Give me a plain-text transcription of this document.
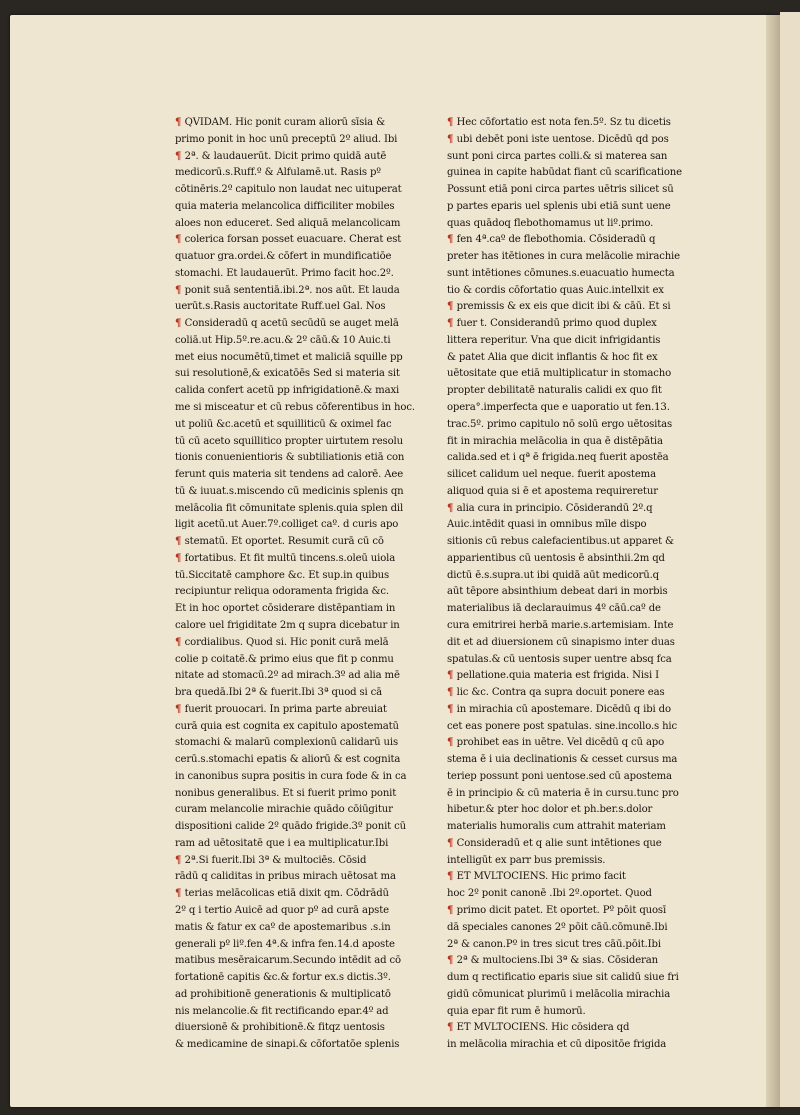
¶ QVIDAM. Hic ponit curam aliorū sīsia &
primo ponit in hoc unū preceptū 2º aliud. Ibi
¶ 2ª. & laudauerūt. Dicit primo quidā autē
medicorū.s.Ruff.º & Alfulamē.ut. Rasis pº
cōtinēris.2º capitulo non laudat nec uituperat
quia materia melancolica difficiliter mobiles
aloes non educeret. Sed aliquā melancolicam
¶ colerica forsan posset euacuare. Cherat est
quatuor gra.ordei.& cōfert in mundificatiōe
stomachi. Et laudauerūt. Primo facit hoc.2º.
¶ ponit suā sententiā.ibi.2ª. nos aūt. Et lauda
uerūt.s.Rasis auctoritate Ruff.uel Gal. Nos
¶ Consideradū q acetū secūdū se auget melā
coliā.ut Hip.5º.re.acu.& 2º cāū.& 10 Auic.ti
met eius nocumētū,timet et maliciā squille pp
sui resolutionē,& exicatōēs Sed si materia sit
calida confert acetū pp infrigidationē.& maxi
me si misceatur et cū rebus cōferentibus in hoc.
ut poliū &c.acetū et squilliticū & oximel fac
tū cū aceto squillitico propter uirtutem resolu
tionis conuenientioris & subtiliationis etiā con
ferunt quis materia sit tendens ad calorē. Aee
tū & iuuat.s.miscendo cū medicinis splenis qn
melācolia fit cōmunitate splenis.quia splen dil
ligit acetū.ut Auer.7º.colliget caº. d curis apo
¶ stematū. Et oportet. Resumit curā cū cō
¶ fortatibus. Et fit multū tincens.s.oleū uiola
tū.Siccitatē camphore &c. Et sup.in quibus
recipiuntur reliqua odoramenta frigida &c.
Et in hoc oportet cōsiderare distēpantiam in
calore uel frigiditate 2m q supra dicebatur in
¶ cordialibus. Quod si. Hic ponit curā melā
colie p coitatē.& primo eius que fit p conmu
nitate ad stomacū.2º ad mirach.3º ad alia mē
bra quedā.Ibi 2ª & fuerit.Ibi 3ª quod si cā
¶ fuerit prouocari. In prima parte abreuiat
curā quia est cognita ex capitulo apostematū
stomachi & malarū complexionū calidarū uis
cerū.s.stomachi epatis & aliorū & est cognita
in canonibus supra positis in cura fode & in ca
nonibus generalibus. Et si fuerit primo ponit
curam melancolie mirachie quādo cōiūgitur
dispositioni calide 2º quādo frigide.3º ponit cū
ram ad uētositatē que i ea multiplicatur.Ibi
¶ 2ª.Si fuerit.Ibi 3ª & multociēs. Cōsid
rādū q caliditas in pribus mirach uētosat ma
¶ terias melācolicas etiā dixit qm. Cōdrādū
2º q i tertio Auicē ad quor pº ad curā apste
matis & fatur ex caº de apostemaribus .s.in
generali pº liº.fen 4ª.& infra fen.14.d aposte
matibus mesēraicarum.Secundo intēdit ad cō
fortationē capitis &c.& fortur ex.s dictis.3º.
ad prohibitionē generationis & multiplicatō
nis melancolie.& fit rectificando epar.4º ad
diuersionē & prohibitionē.& fitqz uentosis
& medicamine de sinapi.& cōfortatōe splenis
¶ Hec cōfortatio est nota fen.5º. Sz tu dicetis
¶ ubi debēt poni iste uentose. Dicēdū qd pos
sunt poni circa partes colli.& si materea san
guinea in capite habūdat fiant cū scarificatione
Possunt etiā poni circa partes uētris silicet sū
p partes eparis uel splenis ubi etiā sunt uene
quas quādoq flebothomamus ut liº.primo.
¶ fen 4ª.caº de flebothomia. Cōsideradū q
preter has itētiones in cura melācolie mirachie
sunt intētiones cōmunes.s.euacuatio humecta
tio & cordis cōfortatio quas Auic.intellxit ex
¶ premissis & ex eis que dicit ibi & cāū. Et si
¶ fuer t. Considerandū primo quod duplex
littera reperitur. Vna que dicit infrigidantis
& patet Alia que dicit inflantis & hoc fit ex
uētositate que etiā multiplicatur in stomacho
propter debilitatē naturalis calidi ex quo fit
opera°.imperfecta que e uaporatio ut fen.13.
trac.5º. primo capitulo nō solū ergo uētositas
fit in mirachia melācolia in qua ē distēpātia
calida.sed et i qª ē frigida.neq fuerit apostēa
silicet calidum uel neque. fuerit apostema
aliquod quia si ē et apostema requireretur
¶ alia cura in principio. Cōsiderandū 2º.q
Auic.intēdit quasi in omnibus mīle dispo
sitionis cū rebus calefacientibus.ut apparet &
apparientibus cū uentosis ē absinthii.2m qd
dictū ē.s.supra.ut ibi quidā aūt medicorū.q
aūt tēpore absinthium debeat dari in morbis
materialibus iā declarauimus 4º cāū.caº de
cura emitrirei herbā marie.s.artemisiam. Inte
dit et ad diuersionem cū sinapismo inter duas
spatulas.& cū uentosis super uentre absq fca
¶ pellatione.quia materia est frigida. Nisi I
¶ lic &c. Contra qa supra docuit ponere eas
¶ in mirachia cū apostemare. Dicēdū q ibi do
cet eas ponere post spatulas. sine.incollo.s hic
¶ prohibet eas in uētre. Vel dicēdū q cū apo
stema ē i uia declinationis & cesset cursus ma
teriep possunt poni uentose.sed cū apostema
ē in principio & cū materia ē in cursu.tunc pro
hibetur.& pter hoc dolor et ph.ber.s.dolor
materialis humoralis cum attrahit materiam
¶ Consideradū et q alie sunt intētiones que
intelligūt ex parr bus premissis.
¶ ET MVLTOCIENS. Hic primo facit
hoc 2º ponit canonē .Ibi 2º.oportet. Quod
¶ primo dicit patet. Et oportet. Pº pōit quosī
dā speciales canones 2º pōit cāū.cōmunē.Ibi
2ª & canon.Pº in tres sicut tres cāū.pōit.Ibi
¶ 2ª & multociens.Ibi 3ª & sias. Cōsideran
dum q rectificatio eparis siue sit calidū siue fri
gidū cōmunicat plurimū i melācolia mirachia
quia epar fit rum ē humorū.
¶ ET MVLTOCIENS. Hic cōsidera qd
in melācolia mirachia et cū dipositōe frigida
